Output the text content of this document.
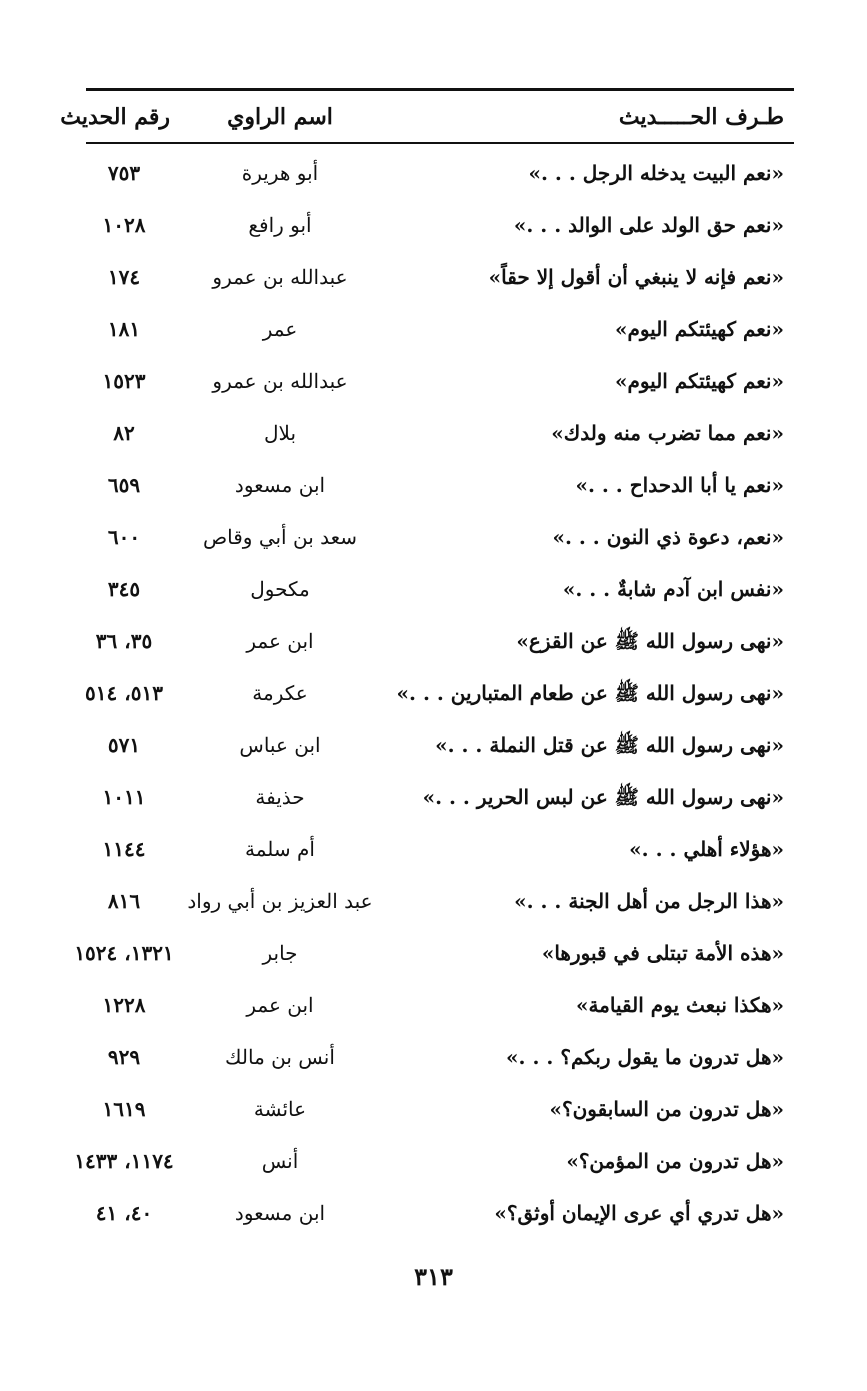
طـرف الحـــــديث
اسم الراوي
رقم الحديث
«نعم البيت يدخله الرجل . . .»
أبو هريرة
٧٥٣
«نعم حق الولد على الوالد . . .»
أبو رافع
١٠٢٨
«نعم فإنه لا ينبغي أن أقول إلا حقاً»
عبدالله بن عمرو
١٧٤
«نعم كهيئتكم اليوم»
عمر
١٨١
«نعم كهيئتكم اليوم»
عبدالله بن عمرو
١٥٢٣
«نعم مما تضرب منه ولدك»
بلال
٨٢
«نعم يا أبا الدحداح . . .»
ابن مسعود
٦٥٩
«نعم، دعوة ذي النون . . .»
سعد بن أبي وقاص
٦٠٠
«نفس ابن آدم شابةٌ . . .»
مكحول
٣٤٥
«نهى رسول الله ﷺ عن القزع»
ابن عمر
٣٥، ٣٦
«نهى رسول الله ﷺ عن طعام المتبارين . . .»
عكرمة
٥١٣، ٥١٤
«نهى رسول الله ﷺ عن قتل النملة . . .»
ابن عباس
٥٧١
«نهى رسول الله ﷺ عن لبس الحرير . . .»
حذيفة
١٠١١
«هؤلاء أهلي . . .»
أم سلمة
١١٤٤
«هذا الرجل من أهل الجنة . . .»
عبد العزيز بن أبي رواد
٨١٦
«هذه الأمة تبتلى في قبورها»
جابر
١٣٢١، ١٥٢٤
«هكذا نبعث يوم القيامة»
ابن عمر
١٢٢٨
«هل تدرون ما يقول ربكم؟ . . .»
أنس بن مالك
٩٢٩
«هل تدرون من السابقون؟»
عائشة
١٦١٩
«هل تدرون من المؤمن؟»
أنس
١١٧٤، ١٤٣٣
«هل تدري أي عرى الإيمان أوثق؟»
ابن مسعود
٤٠، ٤١
٣١٣
